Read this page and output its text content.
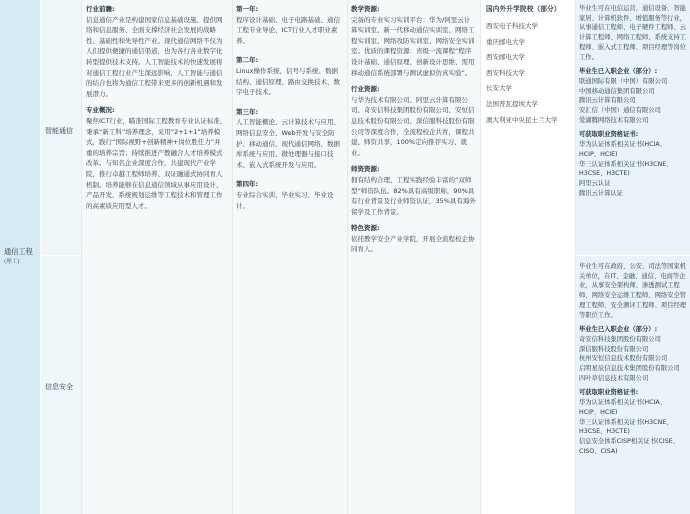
通信工程
(理工)
智能通信
信息安全

行业前瞻:

信息通信产业是构建国家信息基础设施、提供网络和信息服务、全面支撑经济社会发展的战略性、基础性和先导性产业。现代通信网络不仅为人们提供便捷的通信渠道，也为各行各业数字化转型提供技术支持。人工智能技术的快速发展将对通信工程行业产生深远影响，人工智能与通信的结合也将为通信工程带来更多的创新机遇和发展潜力。

专业概况:

聚焦ICT行业，瞄准国际工程教育专业认证标准，秉承“新工科”培养理念，采用“2+1+1”培养模式，践行“国际视野+创新精神+岗位胜任力”并重的培养宗旨；持续推进产教融合人才培养模式改革。与知名企业深度合作，共建现代产业学院，推行卓越工程师培养、双证融通式协同育人机制。培养能够在信息通信领域从事应用设计、产品开发、系统规划运维等工程技术和管理工作的高素质应用型人才。

第一年:

程序设计基础、电子电路基础、通信工程专业导论、ICT行业人才职业素养。

第二年:

Linux操作系统、信号与系统、数据结构、通信原理、路由交换技术、数字电子技术。

第三年:

人工智能概论、云计算技术与应用、网络信息安全、Web开发与安全防护、移动通信、现代通信网络、数据库系统与应用、微处理器与接口技术、嵌入式系统开发与应用。

第四年:

专业综合实训、毕业实习、毕业设计。

教学资源:

完备的专业实习实训平台：华为/阿里云计算实训室、新一代移动通信实训室、网络工程实训室、网络攻防实训室、网络安全实训室；优质的课程资源：省级一流课程“程序设计基础、通信原理、创新设计思维、需用移动通信系统部署与测试虚拟仿真实验”。

行业资源:

与华为技术有限公司、阿里云计算有限公司、奇安信科技集团股份有限公司、安恒信息技术股份有限公司、深信服科技股份有限公司等深度合作，全流程校企共育，课程共建、师资共享，100%定向推荐实习、就业。

师资资源:

拥有结构合理、工程实践经验丰富的“双师型”师资队伍。82%具有高级职称，90%具有行业背景及行业师资认证，35%具有海外留学及工作背景。

特色资源:

依托教学安全产业学院，开展全流程校企协同育人。

国内外升学院校（部分）
西安电子科技大学
重庆邮电大学
西安邮电大学
西安科技大学
长安大学
法国普瓦提埃大学
澳大利亚中央昆士兰大学

毕业生可在电信运营、通信设备、智能家居、计算机软件、增值服务等行业，从事通信工程师、电子硬件工程师、云计算工程师、网络工程师、系统支持工程师、嵌入式工程师、项目经理等岗位工作。

毕业生已入职企业（部分）:

联通国际有限（中国）有限公司

中国移动通信集团有限公司

腾讯云计算有限公司

安汇信（中国）通信有限公司

爱湖腾网络技术有限公司

可获取职业资格证书:

华为认证体系相关证书(HCIA、HCIP、HCIE)

华三认证体系相关证书(H3CNE、H3CSE、H3CTE)

阿里云认证

腾讯云计算认证

毕业生可在政府、公安、司法等国家机关单位，在IT、金融、通信、电商等企业，从事安全架构师、渗透测试工程师、网络安全运维工程师、网络安全管理工程师、安全测评工程师、项目经理等职位工作。

毕业生已入职企业（部分）:

奇安信科技集团股份有限公司

深信服科技股份有限公司

杭州安恒信息技术股份有限公司

启明星辰信息技术集团股份有限公司

四叶草信息技术有限公司

可获取职业资格证书:

华为认证体系相关证书(HCIA、HCIP、HCIE)

华三认证体系相关证书(H3CNE、H3CSE、H3CTE)

信息安全体系CISP相关证书(CISE、CISO、CISA)
